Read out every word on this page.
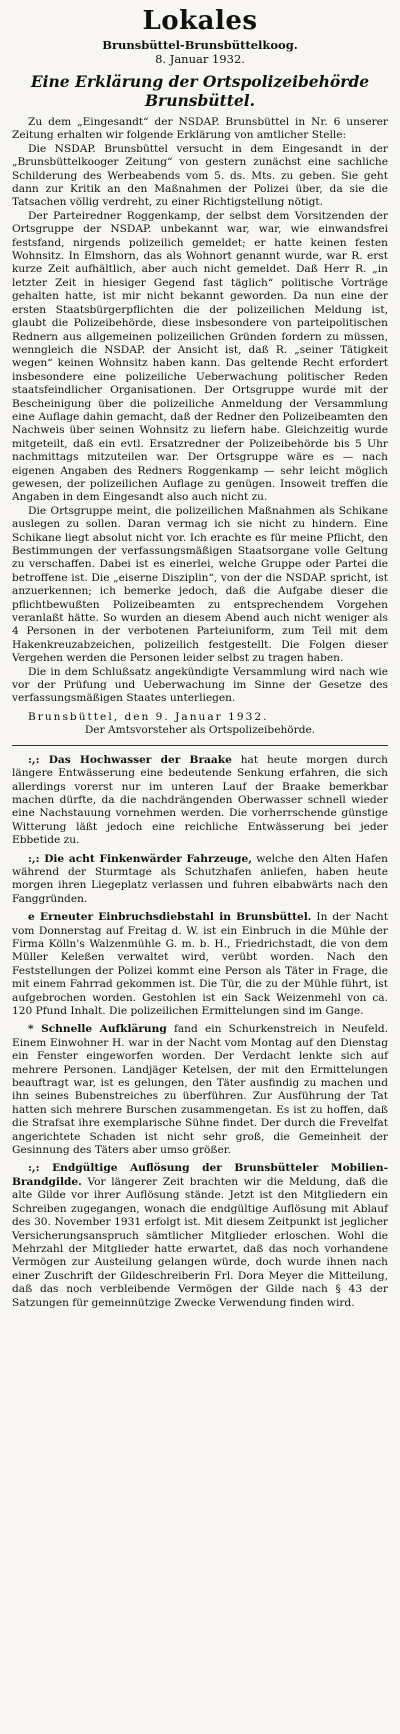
Lokales
Brunsbüttel-Brunsbüttelkoog.
8. Januar 1932.
Eine Erklärung der Ortspolizeibehörde Brunsbüttel.

Zu dem „Eingesandt“ der NSDAP. Brunsbüttel in Nr. 6 unserer Zeitung erhalten wir folgende Erklärung von amtlicher Stelle:

Die NSDAP. Brunsbüttel versucht in dem Eingesandt in der „Brunsbüttelkooger Zeitung“ von gestern zunächst eine sachliche Schilderung des Werbeabends vom 5. ds. Mts. zu geben. Sie geht dann zur Kritik an den Maßnahmen der Polizei über, da sie die Tatsachen völlig verdreht, zu einer Richtigstellung nötigt.

Der Parteiredner Roggenkamp, der selbst dem Vorsitzenden der Ortsgruppe der NSDAP. unbekannt war, war, wie einwandsfrei festsfand, nirgends polizeilich gemeldet; er hatte keinen festen Wohnsitz. In Elmshorn, das als Wohnort genannt wurde, war R. erst kurze Zeit aufhältlich, aber auch nicht gemeldet. Daß Herr R. „in letzter Zeit in hiesiger Gegend fast täglich“ politische Vorträge gehalten hatte, ist mir nicht bekannt geworden. Da nun eine der ersten Staatsbürgerpflichten die der polizeilichen Meldung ist, glaubt die Polizeibehörde, diese insbesondere von parteipolitischen Rednern aus allgemeinen polizeilichen Gründen fordern zu müssen, wenngleich die NSDAP. der Ansicht ist, daß R. „seiner Tätigkeit wegen“ keinen Wohnsitz haben kann. Das geltende Recht erfordert insbesondere eine polizeiliche Ueberwachung politischer Reden staatsfeindlicher Organisationen. Der Ortsgruppe wurde mit der Bescheinigung über die polizeiliche Anmeldung der Versammlung eine Auflage dahin gemacht, daß der Redner den Polizeibeamten den Nachweis über seinen Wohnsitz zu liefern habe. Gleichzeitig wurde mitgeteilt, daß ein evtl. Ersatzredner der Polizeibehörde bis 5 Uhr nachmittags mitzuteilen war. Der Ortsgruppe wäre es — nach eigenen Angaben des Redners Roggenkamp — sehr leicht möglich gewesen, der polizeilichen Auflage zu genügen. Insoweit treffen die Angaben in dem Eingesandt also auch nicht zu.

Die Ortsgruppe meint, die polizeilichen Maßnahmen als Schikane auslegen zu sollen. Daran vermag ich sie nicht zu hindern. Eine Schikane liegt absolut nicht vor. Ich erachte es für meine Pflicht, den Bestimmungen der verfassungsmäßigen Staatsorgane volle Geltung zu verschaffen. Dabei ist es einerlei, welche Gruppe oder Partei die betroffene ist. Die „eiserne Disziplin“, von der die NSDAP. spricht, ist anzuerkennen; ich bemerke jedoch, daß die Aufgabe dieser die pflichtbewußten Polizeibeamten zu entsprechendem Vorgehen veranlaßt hätte. So wurden an diesem Abend auch nicht weniger als 4 Personen in der verbotenen Parteiuniform, zum Teil mit dem Hakenkreuzabzeichen, polizeilich festgestellt. Die Folgen dieser Vergehen werden die Personen leider selbst zu tragen haben.

Die in dem Schlußsatz angekündigte Versammlung wird nach wie vor der Prüfung und Ueberwachung im Sinne der Gesetze des verfassungsmäßigen Staates unterliegen.

Brunsbüttel, den 9. Januar 1932.
Der Amtsvorsteher als Ortspolizeibehörde.

:,: Das Hochwasser der Braake hat heute morgen durch längere Entwässerung eine bedeutende Senkung erfahren, die sich allerdings vorerst nur im unteren Lauf der Braake bemerkbar machen dürfte, da die nachdrängenden Oberwasser schnell wieder eine Nachstauung vornehmen werden. Die vorherrschende günstige Witterung läßt jedoch eine reichliche Entwässerung bei jeder Ebbetide zu.

:,: Die acht Finkenwärder Fahrzeuge, welche den Alten Hafen während der Sturmtage als Schutzhafen anliefen, haben heute morgen ihren Liegeplatz verlassen und fuhren elbabwärts nach den Fanggründen.

e Erneuter Einbruchsdiebstahl in Brunsbüttel. In der Nacht vom Donnerstag auf Freitag d. W. ist ein Einbruch in die Mühle der Firma Kölln's Walzenmühle G. m. b. H., Friedrichstadt, die von dem Müller Keleßen verwaltet wird, verübt worden. Nach den Feststellungen der Polizei kommt eine Person als Täter in Frage, die mit einem Fahrrad gekommen ist. Die Tür, die zu der Mühle führt, ist aufgebrochen worden. Gestohlen ist ein Sack Weizenmehl von ca. 120 Pfund Inhalt. Die polizeilichen Ermittelungen sind im Gange.

* Schnelle Aufklärung fand ein Schurkenstreich in Neufeld. Einem Einwohner H. war in der Nacht vom Montag auf den Dienstag ein Fenster eingeworfen worden. Der Verdacht lenkte sich auf mehrere Personen. Landjäger Ketelsen, der mit den Ermittelungen beauftragt war, ist es gelungen, den Täter ausfindig zu machen und ihn seines Bubenstreiches zu überführen. Zur Ausführung der Tat hatten sich mehrere Burschen zusammengetan. Es ist zu hoffen, daß die Strafsat ihre exemplarische Sühne findet. Der durch die Frevelfat angerichtete Schaden ist nicht sehr groß, die Gemeinheit der Gesinnung des Täters aber umso größer.

:,: Endgültige Auflösung der Brunsbütteler Mobilien-Brandgilde. Vor längerer Zeit brachten wir die Meldung, daß die alte Gilde vor ihrer Auflösung stände. Jetzt ist den Mitgliedern ein Schreiben zugegangen, wonach die endgültige Auflösung mit Ablauf des 30. November 1931 erfolgt ist. Mit diesem Zeitpunkt ist jeglicher Versicherungsanspruch sämtlicher Mitglieder erloschen. Wohl die Mehrzahl der Mitglieder hatte erwartet, daß das noch vorhandene Vermögen zur Austeilung gelangen würde, doch wurde ihnen nach einer Zuschrift der Gildeschreiberin Frl. Dora Meyer die Mitteilung, daß das noch verbleibende Vermögen der Gilde nach § 43 der Satzungen für gemeinnützige Zwecke Verwendung finden wird.
